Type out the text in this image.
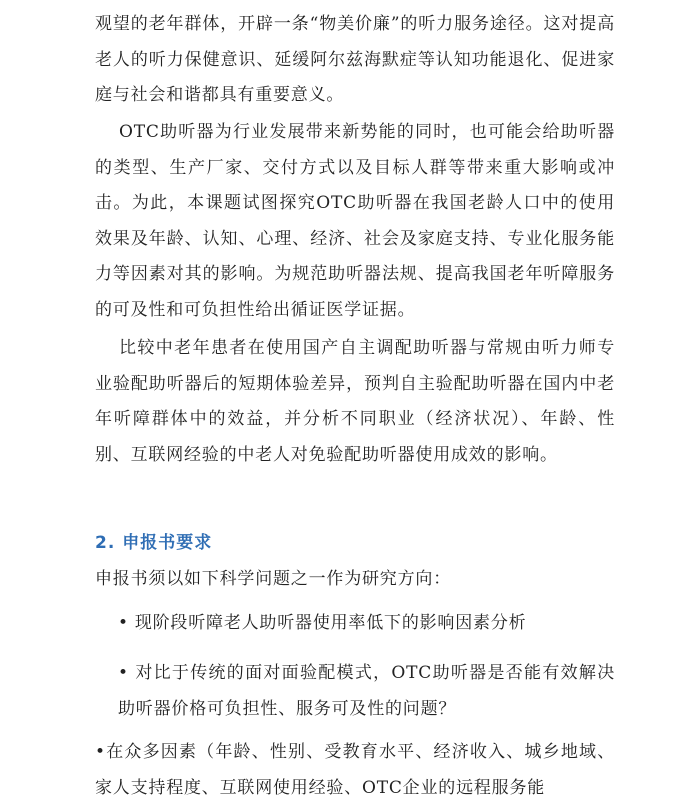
观望的老年群体，开辟一条“物美价廉”的听力服务途径。这对提高老人的听力保健意识、延缓阿尔兹海默症等认知功能退化、促进家庭与社会和谐都具有重要意义。

OTC助听器为行业发展带来新势能的同时，也可能会给助听器的类型、生产厂家、交付方式以及目标人群等带来重大影响或冲击。为此，本课题试图探究OTC助听器在我国老龄人口中的使用效果及年龄、认知、心理、经济、社会及家庭支持、专业化服务能力等因素对其的影响。为规范助听器法规、提高我国老年听障服务的可及性和可负担性给出循证医学证据。

比较中老年患者在使用国产自主调配助听器与常规由听力师专业验配助听器后的短期体验差异，预判自主验配助听器在国内中老年听障群体中的效益，并分析不同职业（经济状况）、年龄、性别、互联网经验的中老人对免验配助听器使用成效的影响。

2. 申报书要求

申报书须以如下科学问题之一作为研究方向：

• 现阶段听障老人助听器使用率低下的影响因素分析

• 对比于传统的面对面验配模式，OTC助听器是否能有效解决助听器价格可负担性、服务可及性的问题？

•在众多因素（年龄、性别、受教育水平、经济收入、城乡地域、家人支持程度、互联网使用经验、OTC企业的远程服务能
